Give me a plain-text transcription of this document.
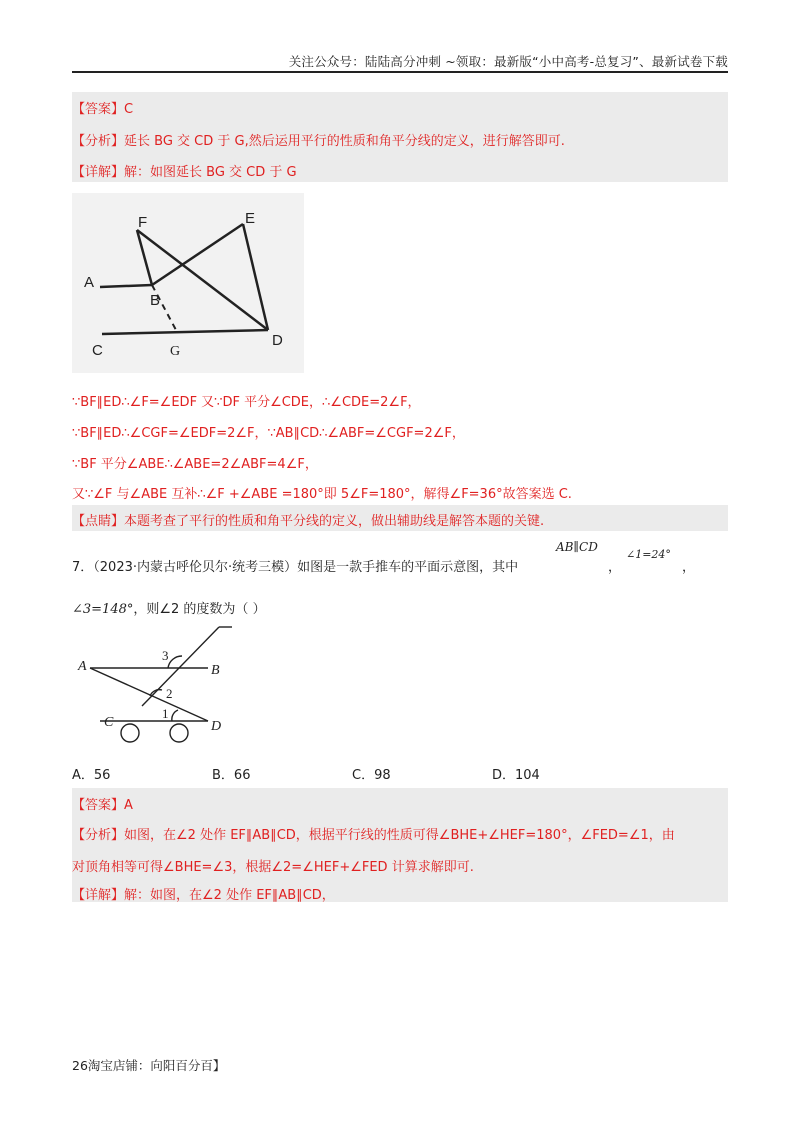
关注公众号：陆陆高分冲刺 ~领取：最新版“小中高考-总复习”、最新试卷下载
【答案】C
【分析】延长 BG 交 CD 于 G,然后运用平行的性质和角平分线的定义，进行解答即可.
【详解】解：如图延长 BG 交 CD 于 G
A
B
C
D
E
F
G
∵BF∥ED∴∠F=∠EDF 又∵DF 平分∠CDE，∴∠CDE=2∠F，
∵BF∥ED∴∠CGF=∠EDF=2∠F，∵AB∥CD∴∠ABF=∠CGF=2∠F，
∵BF 平分∠ABE∴∠ABE=2∠ABF=4∠F，
又∵∠F 与∠ABE 互补∴∠F +∠ABE =180°即 5∠F=180°，解得∠F=36°故答案选 C.
【点睛】本题考查了平行的性质和角平分线的定义，做出辅助线是解答本题的关键.
7．（2023·内蒙古呼伦贝尔·统考三模）如图是一款手推车的平面示意图，其中
AB∥CD
，
∠1=24°
，
∠3=148°，则∠2 的度数为（ ）
A	B
C	D
3
2
1
A．56	B．66	C．98	D．104
【答案】A
【分析】如图，在∠2 处作 EF∥AB∥CD，根据平行线的性质可得∠BHE+∠HEF=180°，∠FED=∠1，由
对顶角相等可得∠BHE=∠3，根据∠2=∠HEF+∠FED 计算求解即可.
【详解】解：如图，在∠2 处作 EF∥AB∥CD，
26淘宝店铺：向阳百分百】
